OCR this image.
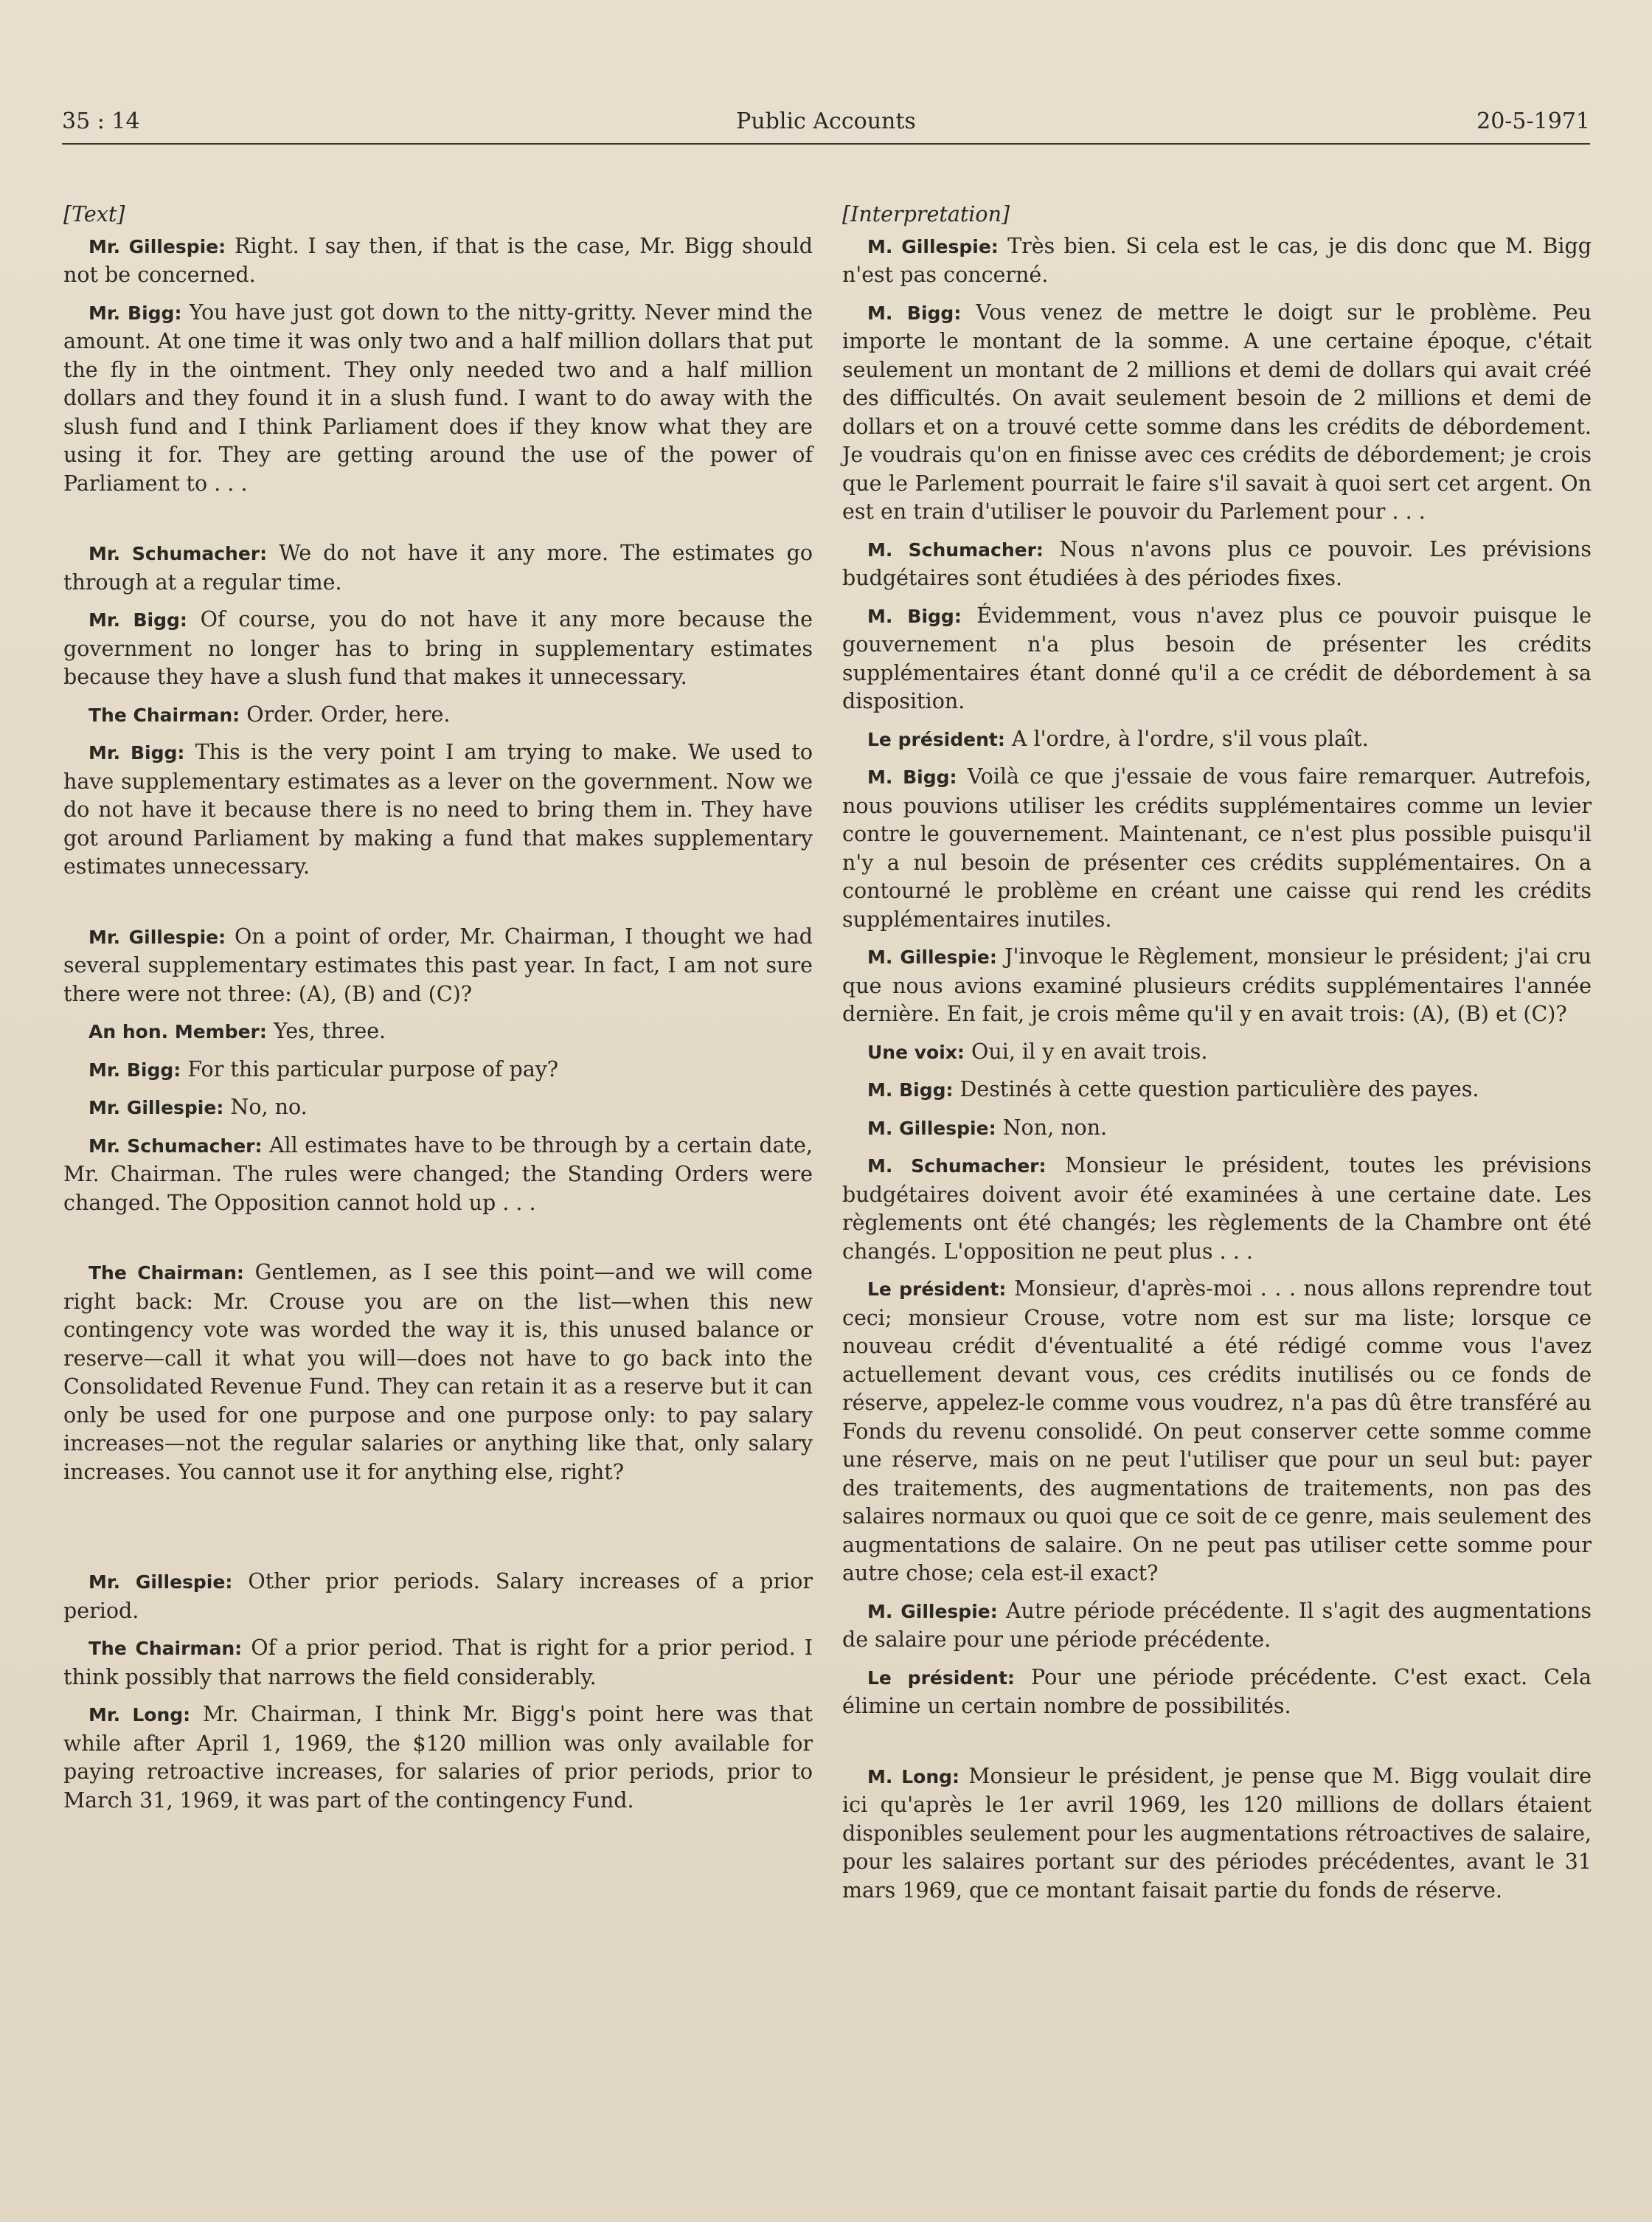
35 : 14	Public Accounts	20-5-1971
[Text]

Mr. Gillespie: Right. I say then, if that is the case, Mr. Bigg should not be concerned.

Mr. Bigg: You have just got down to the nitty-gritty. Never mind the amount. At one time it was only two and a half million dollars that put the fly in the ointment. They only needed two and a half million dollars and they found it in a slush fund. I want to do away with the slush fund and I think Parliament does if they know what they are using it for. They are getting around the use of the power of Parliament to . . .

Mr. Schumacher: We do not have it any more. The estimates go through at a regular time.

Mr. Bigg: Of course, you do not have it any more because the government no longer has to bring in supplementary estimates because they have a slush fund that makes it unnecessary.

The Chairman: Order. Order, here.

Mr. Bigg: This is the very point I am trying to make. We used to have supplementary estimates as a lever on the government. Now we do not have it because there is no need to bring them in. They have got around Parliament by making a fund that makes supplementary estimates unnecessary.

Mr. Gillespie: On a point of order, Mr. Chairman, I thought we had several supplementary estimates this past year. In fact, I am not sure there were not three: (A), (B) and (C)?

An hon. Member: Yes, three.

Mr. Bigg: For this particular purpose of pay?

Mr. Gillespie: No, no.

Mr. Schumacher: All estimates have to be through by a certain date, Mr. Chairman. The rules were changed; the Standing Orders were changed. The Opposition cannot hold up . . .

The Chairman: Gentlemen, as I see this point—and we will come right back: Mr. Crouse you are on the list—when this new contingency vote was worded the way it is, this unused balance or reserve—call it what you will—does not have to go back into the Consolidated Revenue Fund. They can retain it as a reserve but it can only be used for one purpose and one purpose only: to pay salary increases—not the regular salaries or anything like that, only salary increases. You cannot use it for anything else, right?

Mr. Gillespie: Other prior periods. Salary increases of a prior period.

The Chairman: Of a prior period. That is right for a prior period. I think possibly that narrows the field considerably.

Mr. Long: Mr. Chairman, I think Mr. Bigg's point here was that while after April 1, 1969, the $120 million was only available for paying retroactive increases, for salaries of prior periods, prior to March 31, 1969, it was part of the contingency Fund.

[Interpretation]

M. Gillespie: Très bien. Si cela est le cas, je dis donc que M. Bigg n'est pas concerné.

M. Bigg: Vous venez de mettre le doigt sur le problème. Peu importe le montant de la somme. A une certaine époque, c'était seulement un montant de 2 millions et demi de dollars qui avait créé des difficultés. On avait seulement besoin de 2 millions et demi de dollars et on a trouvé cette somme dans les crédits de débordement. Je voudrais qu'on en finisse avec ces crédits de débordement; je crois que le Parlement pourrait le faire s'il savait à quoi sert cet argent. On est en train d'utiliser le pouvoir du Parlement pour . . .

M. Schumacher: Nous n'avons plus ce pouvoir. Les prévisions budgétaires sont étudiées à des périodes fixes.

M. Bigg: Évidemment, vous n'avez plus ce pouvoir puisque le gouvernement n'a plus besoin de présenter les crédits supplémentaires étant donné qu'il a ce crédit de débordement à sa disposition.

Le président: A l'ordre, à l'ordre, s'il vous plaît.

M. Bigg: Voilà ce que j'essaie de vous faire remarquer. Autrefois, nous pouvions utiliser les crédits supplémentaires comme un levier contre le gouvernement. Maintenant, ce n'est plus possible puisqu'il n'y a nul besoin de présenter ces crédits supplémentaires. On a contourné le problème en créant une caisse qui rend les crédits supplémentaires inutiles.

M. Gillespie: J'invoque le Règlement, monsieur le président; j'ai cru que nous avions examiné plusieurs crédits supplémentaires l'année dernière. En fait, je crois même qu'il y en avait trois: (A), (B) et (C)?

Une voix: Oui, il y en avait trois.

M. Bigg: Destinés à cette question particulière des payes.

M. Gillespie: Non, non.

M. Schumacher: Monsieur le président, toutes les prévisions budgétaires doivent avoir été examinées à une certaine date. Les règlements ont été changés; les règlements de la Chambre ont été changés. L'opposition ne peut plus . . .

Le président: Monsieur, d'après-moi . . . nous allons reprendre tout ceci; monsieur Crouse, votre nom est sur ma liste; lorsque ce nouveau crédit d'éventualité a été rédigé comme vous l'avez actuellement devant vous, ces crédits inutilisés ou ce fonds de réserve, appelez-le comme vous voudrez, n'a pas dû être transféré au Fonds du revenu consolidé. On peut conserver cette somme comme une réserve, mais on ne peut l'utiliser que pour un seul but: payer des traitements, des augmentations de traitements, non pas des salaires normaux ou quoi que ce soit de ce genre, mais seulement des augmentations de salaire. On ne peut pas utiliser cette somme pour autre chose; cela est-il exact?

M. Gillespie: Autre période précédente. Il s'agit des augmentations de salaire pour une période précédente.

Le président: Pour une période précédente. C'est exact. Cela élimine un certain nombre de possibilités.

M. Long: Monsieur le président, je pense que M. Bigg voulait dire ici qu'après le 1er avril 1969, les 120 millions de dollars étaient disponibles seulement pour les augmentations rétroactives de salaire, pour les salaires portant sur des périodes précédentes, avant le 31 mars 1969, que ce montant faisait partie du fonds de réserve.
